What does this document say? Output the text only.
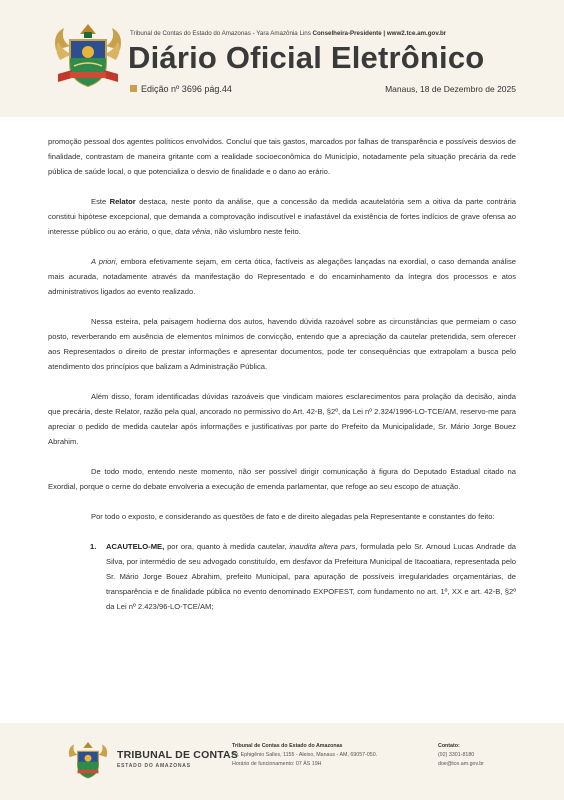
Tribunal de Contas do Estado do Amazonas - Yara Amazônia Lins Conselheira-Presidente | www2.tce.am.gov.br
Diário Oficial Eletrônico
Edição nº 3696 pág.44	Manaus, 18 de Dezembro de 2025

promoção pessoal dos agentes políticos envolvidos. Concluí que tais gastos, marcados por falhas de transparência e possíveis desvios de finalidade, contrastam de maneira gritante com a realidade socioeconômica do Município, notadamente pela situação precária da rede pública de saúde local, o que potencializa o desvio de finalidade e o dano ao erário.

Este Relator destaca, neste ponto da análise, que a concessão da medida acautelatória sem a oitiva da parte contrária constitui hipótese excepcional, que demanda a comprovação indiscutível e inafastável da existência de fortes indícios de grave ofensa ao interesse público ou ao erário, o que, data vênia, não vislumbro neste feito.

A priori, embora efetivamente sejam, em certa ótica, factíveis as alegações lançadas na exordial, o caso demanda análise mais acurada, notadamente através da manifestação do Representado e do encaminhamento da íntegra dos processos e atos administrativos ligados ao evento realizado.

Nessa esteira, pela paisagem hodierna dos autos, havendo dúvida razoável sobre as circunstâncias que permeiam o caso posto, reverberando em ausência de elementos mínimos de convicção, entendo que a apreciação da cautelar pretendida, sem oferecer aos Representados o direito de prestar informações e apresentar documentos, pode ter consequências que extrapolam a busca pelo atendimento dos princípios que balizam a Administração Pública.

Além disso, foram identificadas dúvidas razoáveis que vindicam maiores esclarecimentos para prolação da decisão, ainda que precária, deste Relator, razão pela qual, ancorado no permissivo do Art. 42-B, §2º, da Lei nº 2.324/1996-LO-TCE/AM, reservo-me para apreciar o pedido de medida cautelar após informações e justificativas por parte do Prefeito da Municipalidade, Sr. Mário Jorge Bouez Abrahim.

De todo modo, entendo neste momento, não ser possível dirigir comunicação à figura do Deputado Estadual citado na Exordial, porque o cerne do debate envolveria a execução de emenda parlamentar, que refoge ao seu escopo de atuação.

Por todo o exposto, e considerando as questões de fato e de direito alegadas pela Representante e constantes do feito:

1. ACAUTELO-ME, por ora, quanto à medida cautelar, inaudita altera pars, formulada pelo Sr. Arnoud Lucas Andrade da Silva, por intermédio de seu advogado constituído, em desfavor da Prefeitura Municipal de Itacoatiara, representada pelo Sr. Mário Jorge Bouez Abrahim, prefeito Municipal, para apuração de possíveis irregularidades orçamentárias, de transparência e de finalidade pública no evento denominado EXPOFEST, com fundamento no art. 1º, XX e art. 42-B, §2º da Lei nº 2.423/96-LO-TCE/AM;
TRIBUNAL DE CONTAS
ESTADO DO AMAZONAS
Tribunal de Contas do Estado do Amazonas
Av. Ephigênio Salles, 1155 - Aleixo, Manaus - AM, 69057-050.
Horário de funcionamento: 07 ÀS 19H
Contato:
(92) 3301-8180
doe@tce.am.gov.br
